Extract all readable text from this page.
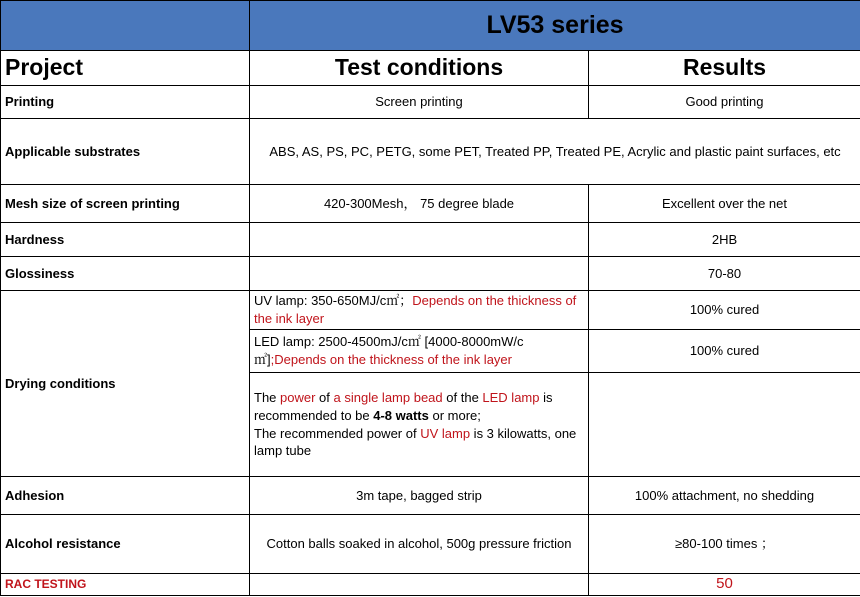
	LV53 series	
Project	Test conditions	Results
Printing	Screen printing	Good printing
Applicable substrates	ABS, AS, PS, PC, PETG, some PET, Treated PP, Treated PE, Acrylic and plastic paint surfaces, etc	
Mesh size of screen printing	420-300Mesh， 75 degree blade	Excellent over the net
Hardness		2HB
Glossiness		70-80
Drying conditions	UV lamp: 350-650MJ/c㎡；Depends on the thickness of the ink layer	100% cured
	LED lamp: 2500-4500mJ/c㎡ [4000-8000mW/c㎡];Depends on the thickness of the ink layer	100% cured
	The power of a single lamp bead of the LED lamp is recommended to be 4-8 watts or more;
The recommended power of UV lamp is 3 kilowatts, one lamp tube	
Adhesion	3m tape, bagged strip	100% attachment, no shedding
Alcohol resistance	Cotton balls soaked in alcohol, 500g pressure friction	≥80-100 times ；
RAC TESTING		50
